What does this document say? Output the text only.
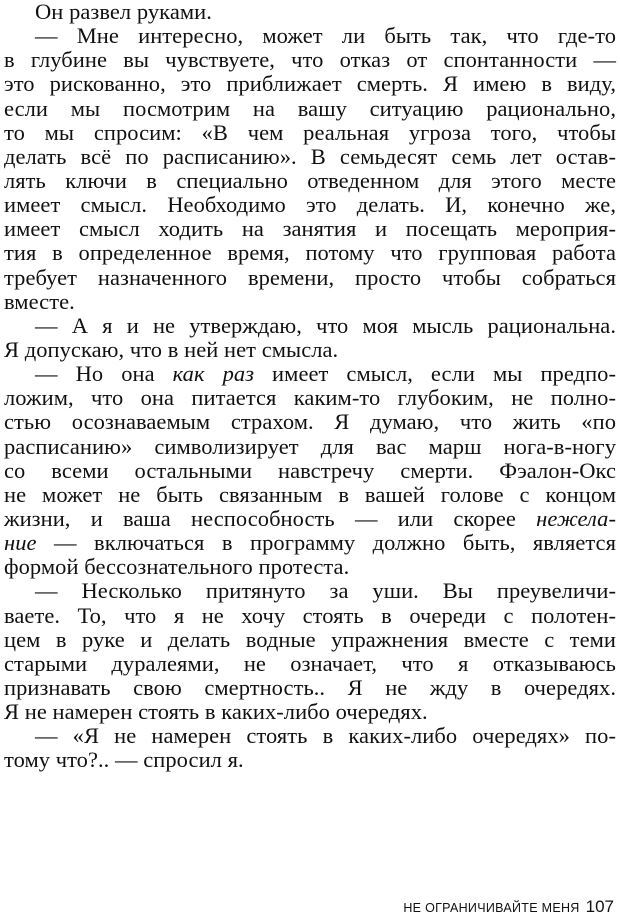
Он развел руками.
— Мне интересно, может ли быть так, что где-то
в глубине вы чувствуете, что отказ от спонтанности —
это рискованно, это приближает смерть. Я имею в виду,
если мы посмотрим на вашу ситуацию рационально,
то мы спросим: «В чем реальная угроза того, чтобы
делать всё по расписанию». В семьдесят семь лет остав-
лять ключи в специально отведенном для этого месте
имеет смысл. Необходимо это делать. И, конечно же,
имеет смысл ходить на занятия и посещать мероприя-
тия в определенное время, потому что групповая работа
требует назначенного времени, просто чтобы собраться
вместе.
— А я и не утверждаю, что моя мысль рациональна.
Я допускаю, что в ней нет смысла.
— Но она как раз имеет смысл, если мы предпо-
ложим, что она питается каким-то глубоким, не полно-
стью осознаваемым страхом. Я думаю, что жить «по
расписанию» символизирует для вас марш нога-в-ногу
со всеми остальными навстречу смерти. Фэалон-Окс
не может не быть связанным в вашей голове с концом
жизни, и ваша неспособность — или скорее нежела-
ние — включаться в программу должно быть, является
формой бессознательного протеста.
— Несколько притянуто за уши. Вы преувеличи-
ваете. То, что я не хочу стоять в очереди с полотен-
цем в руке и делать водные упражнения вместе с теми
старыми дуралеями, не означает, что я отказываюсь
признавать свою смертность.. Я не жду в очередях.
Я не намерен стоять в каких-либо очередях.
— «Я не намерен стоять в каких-либо очередях» по-
тому что?.. — спросил я.
НЕ ОГРАНИЧИВАЙТЕ МЕНЯ 107
